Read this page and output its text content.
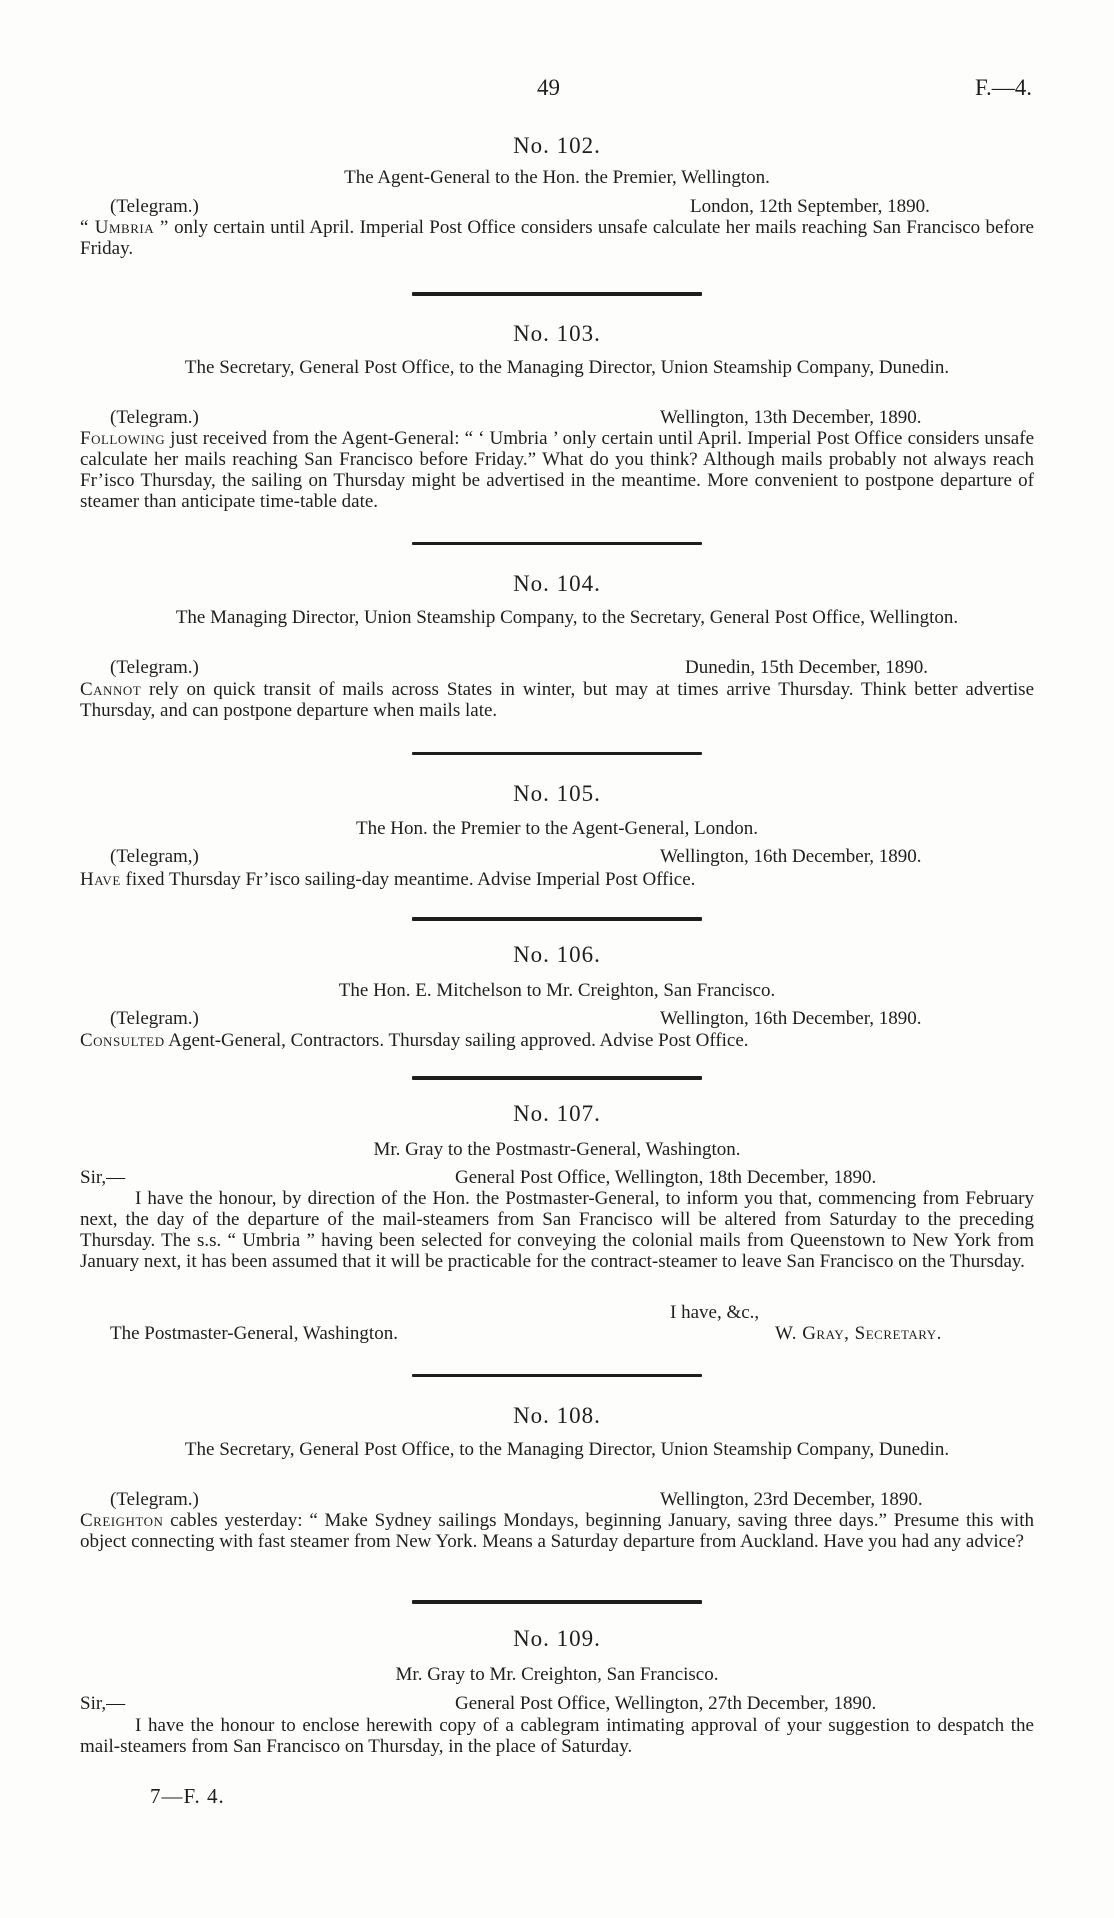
49	F.—4.
No. 102.
The Agent-General to the Hon. the Premier, Wellington.
(Telegram.)	London, 12th September, 1890.

“ Umbria ” only certain until April. Imperial Post Office considers unsafe calculate her mails reaching San Francisco before Friday.

No. 103.
The Secretary, General Post Office, to the Managing Director, Union Steamship Company, Dunedin.
(Telegram.)	Wellington, 13th December, 1890.

Following just received from the Agent-General: “ ‘ Umbria ’ only certain until April. Imperial Post Office considers unsafe calculate her mails reaching San Francisco before Friday.” What do you think? Although mails probably not always reach Fr’isco Thursday, the sailing on Thursday might be advertised in the meantime. More convenient to postpone departure of steamer than anticipate time-table date.

No. 104.
The Managing Director, Union Steamship Company, to the Secretary, General Post Office, Wellington.
(Telegram.)	Dunedin, 15th December, 1890.

Cannot rely on quick transit of mails across States in winter, but may at times arrive Thursday. Think better advertise Thursday, and can postpone departure when mails late.

No. 105.
The Hon. the Premier to the Agent-General, London.
(Telegram,)	Wellington, 16th December, 1890.

Have fixed Thursday Fr’isco sailing-day meantime. Advise Imperial Post Office.

No. 106.
The Hon. E. Mitchelson to Mr. Creighton, San Francisco.
(Telegram.)	Wellington, 16th December, 1890.

Consulted Agent-General, Contractors. Thursday sailing approved. Advise Post Office.

No. 107.
Mr. Gray to the Postmastr-General, Washington.
Sir,—	General Post Office, Wellington, 18th December, 1890.

I have the honour, by direction of the Hon. the Postmaster-General, to inform you that, commencing from February next, the day of the departure of the mail-steamers from San Francisco will be altered from Saturday to the preceding Thursday. The s.s. “ Umbria ” having been selected for conveying the colonial mails from Queenstown to New York from January next, it has been assumed that it will be practicable for the contract-steamer to leave San Francisco on the Thursday.

I have, &c.,
The Postmaster-General, Washington.	W. Gray, Secretary.
No. 108.
The Secretary, General Post Office, to the Managing Director, Union Steamship Company, Dunedin.
(Telegram.)	Wellington, 23rd December, 1890.

Creighton cables yesterday: “ Make Sydney sailings Mondays, beginning January, saving three days.” Presume this with object connecting with fast steamer from New York. Means a Saturday departure from Auckland. Have you had any advice?

No. 109.
Mr. Gray to Mr. Creighton, San Francisco.
Sir,—	General Post Office, Wellington, 27th December, 1890.

I have the honour to enclose herewith copy of a cablegram intimating approval of your suggestion to despatch the mail-steamers from San Francisco on Thursday, in the place of Saturday.

7—F. 4.
